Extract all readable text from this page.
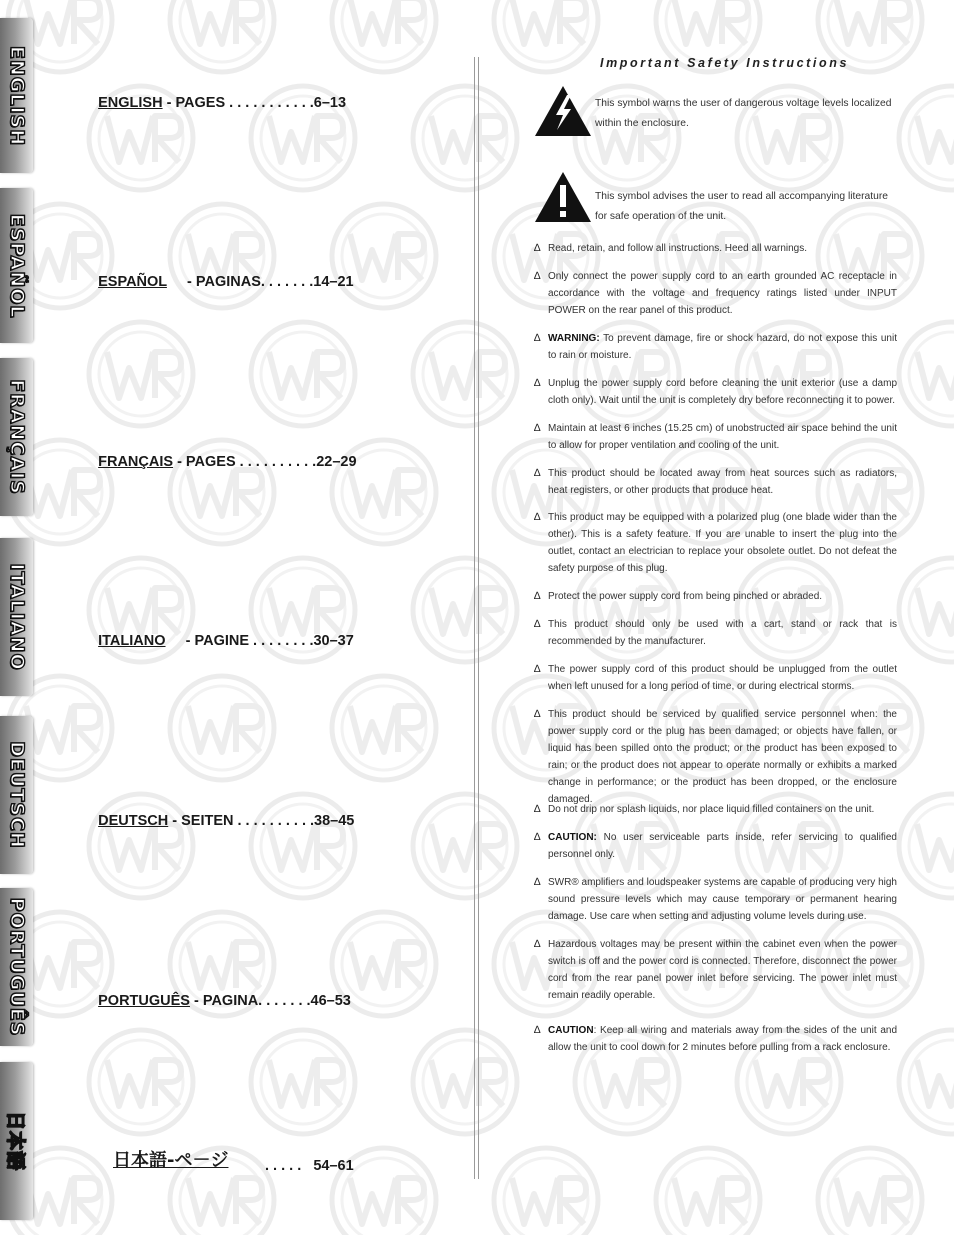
ENGLISH
ESPAÑOL
FRANÇAIS
ITALIANO
DEUTSCH
PORTUGUÊS
日本語

ENGLISH - PAGES . . . . . . . . . . .6–13

ESPAÑOL     - PAGINAS. . . . . . .14–21

FRANÇAIS - PAGES . . . . . . . . . .22–29

ITALIANO     - PAGINE . . . . . . . .30–37

DEUTSCH - SEITEN . . . . . . . . . .38–45

PORTUGUÊS - PAGINA. . . . . . .46–53

日本語-ペ－ジ	. . . . .   54–61
Important Safety Instructions
This symbol warns the user of dangerous voltage levels localized within the enclosure.
This symbol advises the user to read all accompanying literature for safe operation of the unit.
∆ Read, retain, and follow all instructions. Heed all warnings.
∆ Only connect the power supply cord to an earth grounded AC receptacle in accordance with the voltage and frequency ratings listed under INPUT POWER on the rear panel of this product.
∆ WARNING: To prevent damage, fire or shock hazard, do not expose this unit to rain or moisture.
∆ Unplug the power supply cord before cleaning the unit exterior (use a damp cloth only). Wait until the unit is completely dry before reconnecting it to power.
∆ Maintain at least 6 inches (15.25 cm) of unobstructed air space behind the unit to allow for proper ventilation and cooling of the unit.
∆ This product should be located away from heat sources such as radiators, heat registers, or other products that produce heat.
∆ This product may be equipped with a polarized plug (one blade wider than the other). This is a safety feature. If you are unable to insert the plug into the outlet, contact an electrician to replace your obsolete outlet. Do not defeat the safety purpose of this plug.
∆ Protect the power supply cord from being pinched or abraded.
∆ This product should only be used with a cart, stand or rack that is recommended by the manufacturer.
∆ The power supply cord of this product should be unplugged from the outlet when left unused for a long period of time, or during electrical storms.
∆ This product should be serviced by qualified service personnel when: the power supply cord or the plug has been damaged; or objects have fallen, or liquid has been spilled onto the product; or the product has been exposed to rain; or the product does not appear to operate normally or exhibits a marked change in performance; or the product has been dropped, or the enclosure damaged.
∆ Do not drip nor splash liquids, nor place liquid filled containers on the unit.
∆ CAUTION: No user serviceable parts inside, refer servicing to qualified personnel only.
∆ SWR® amplifiers and loudspeaker systems are capable of producing very high sound pressure levels which may cause temporary or permanent hearing damage. Use care when setting and adjusting volume levels during use.
∆ Hazardous voltages may be present within the cabinet even when the power switch is off and the power cord is connected. Therefore, disconnect the power cord from the rear panel power inlet before servicing. The power inlet must remain readily operable.
∆ CAUTION: Keep all wiring and materials away from the sides of the unit and allow the unit to cool down for 2 minutes before pulling from a rack enclosure.
